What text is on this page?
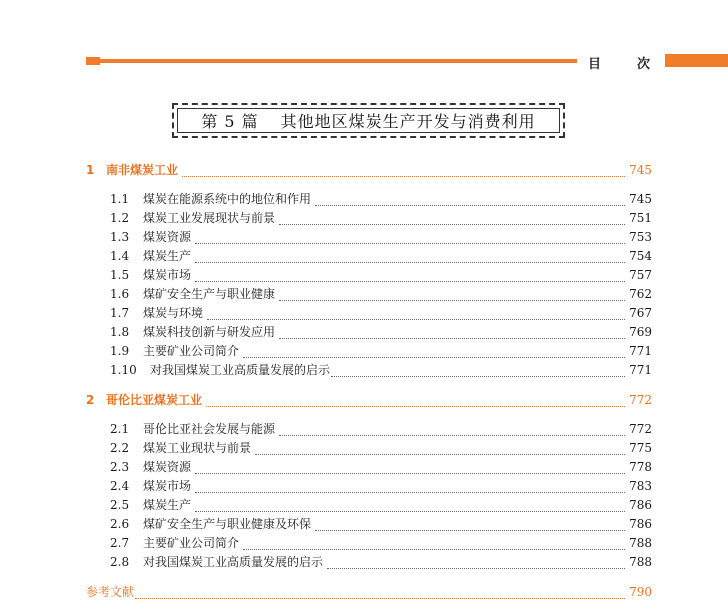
目	次
第 5 篇 其他地区煤炭生产开发与消费利用
1 南非煤炭工业	745
1.1	煤炭在能源系统中的地位和作用	745
1.2	煤炭工业发展现状与前景	751
1.3	煤炭资源	753
1.4	煤炭生产	754
1.5	煤炭市场	757
1.6	煤矿安全生产与职业健康	762
1.7	煤炭与环境	767
1.8	煤炭科技创新与研发应用	769
1.9	主要矿业公司简介	771
1.10	对我国煤炭工业高质量发展的启示	771
2 哥伦比亚煤炭工业	772
2.1	哥伦比亚社会发展与能源	772
2.2	煤炭工业现状与前景	775
2.3	煤炭资源	778
2.4	煤炭市场	783
2.5	煤炭生产	786
2.6	煤矿安全生产与职业健康及环保	786
2.7	主要矿业公司简介	788
2.8	对我国煤炭工业高质量发展的启示	788
参考文献	790
